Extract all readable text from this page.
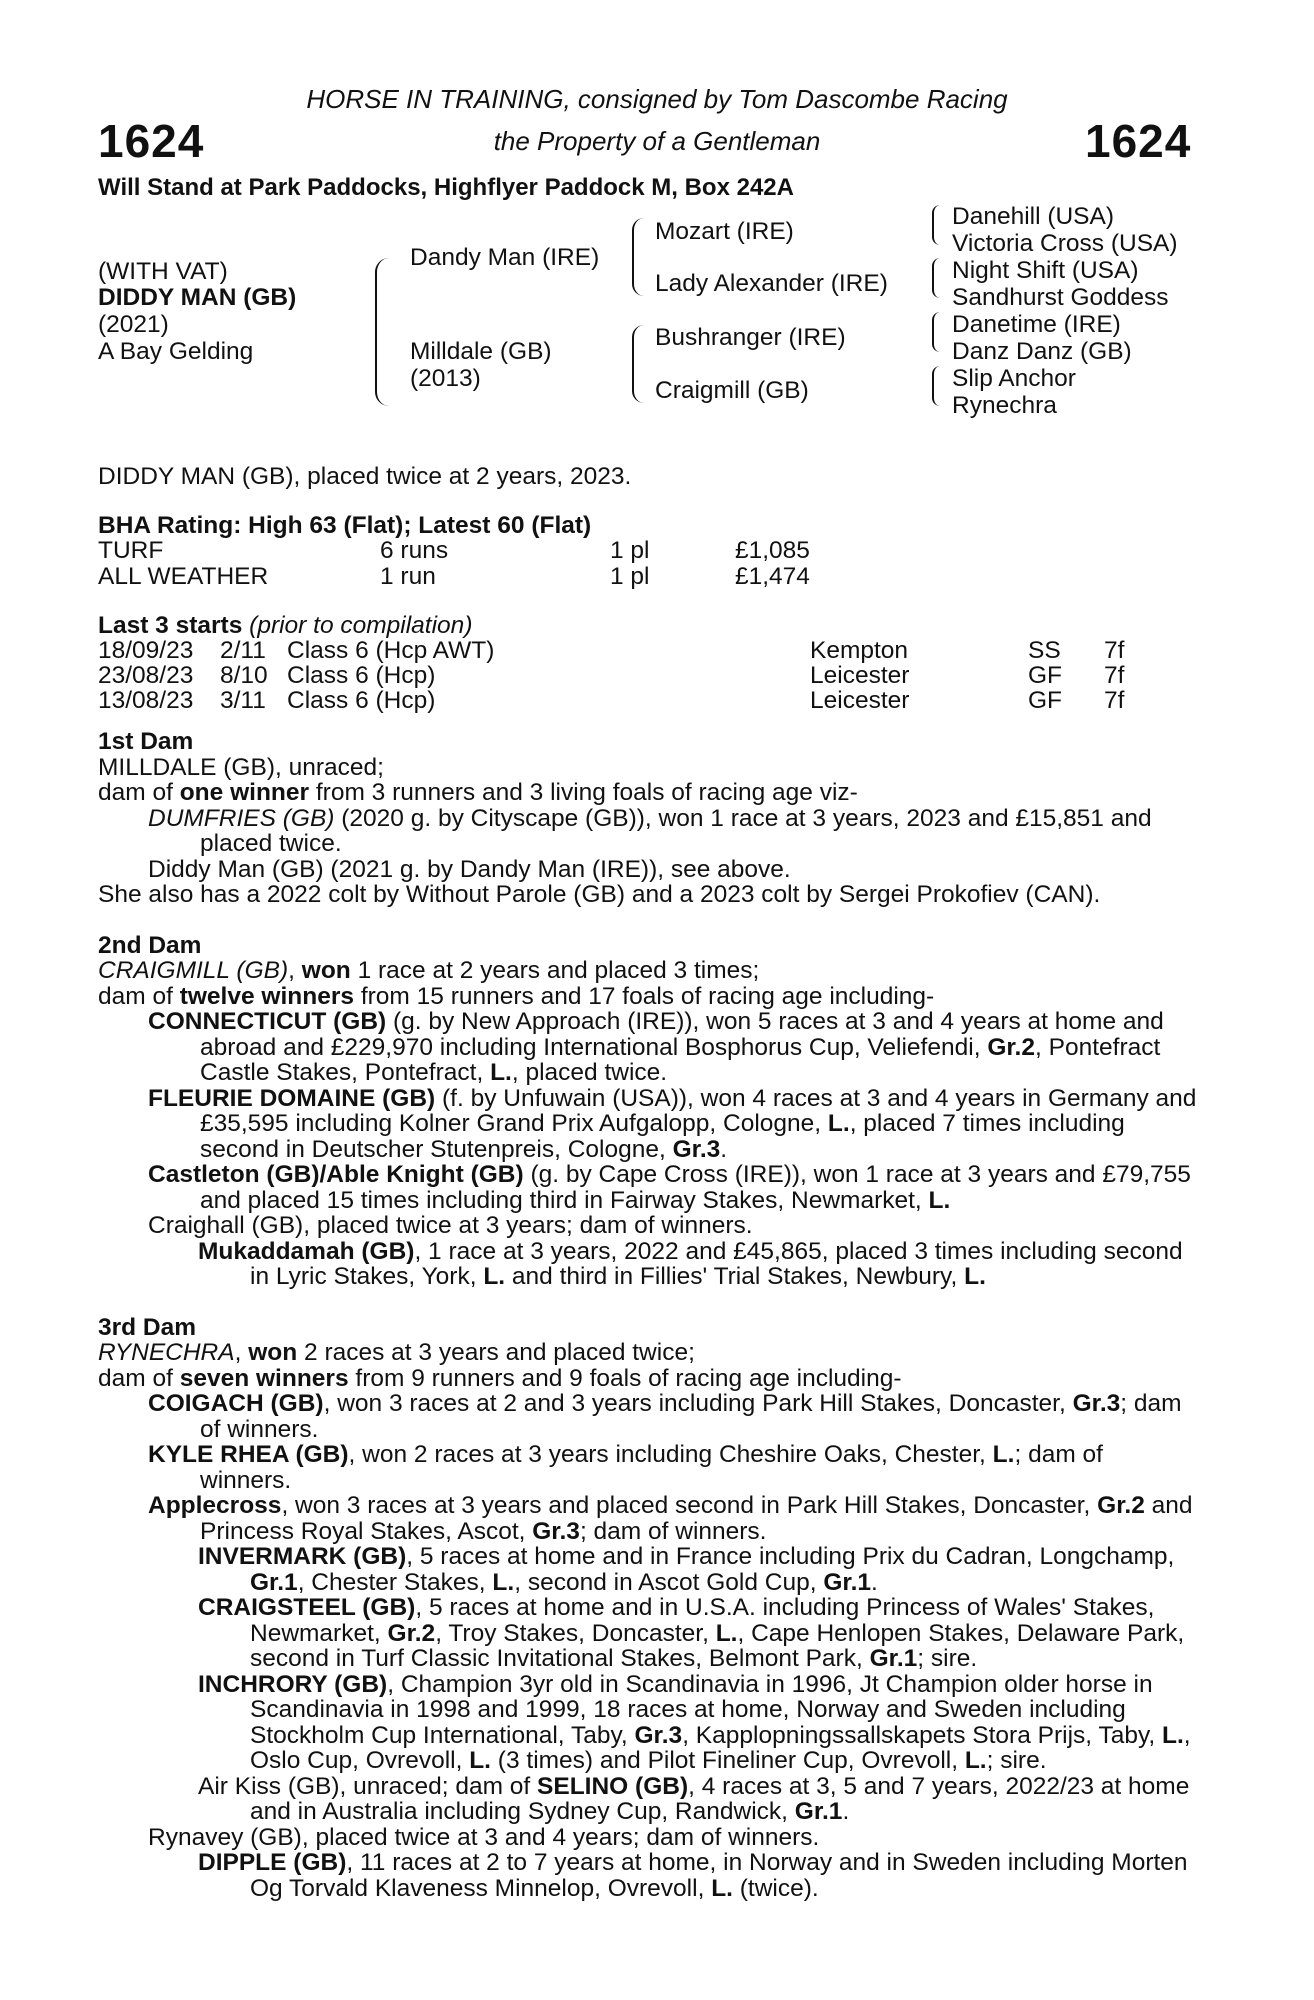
1624	1624
HORSE IN TRAINING, consigned by Tom Dascombe Racing
the Property of a Gentleman
Will Stand at Park Paddocks, Highflyer Paddock M, Box 242A
(WITH VAT)
DIDDY MAN (GB)
(2021)
A Bay Gelding
Dandy Man (IRE)
Milldale (GB)
(2013)
Mozart (IRE)
Lady Alexander (IRE)
Bushranger (IRE)
Craigmill (GB)
Danehill (USA)
Victoria Cross (USA)
Night Shift (USA)
Sandhurst Goddess
Danetime (IRE)
Danz Danz (GB)
Slip Anchor
Rynechra
DIDDY MAN (GB), placed twice at 2 years, 2023.
BHA Rating: High 63 (Flat); Latest 60 (Flat)
TURF	6 runs	1 pl	£1,085
ALL WEATHER	1 run	1 pl	£1,474
Last 3 starts (prior to compilation)
18/09/23 2/11 Class 6 (Hcp AWT)	Kempton	SS 7f
23/08/23 8/10 Class 6 (Hcp)	Leicester	GF 7f
13/08/23 3/11 Class 6 (Hcp)	Leicester	GF 7f

1st Dam

MILLDALE (GB), unraced;

dam of one winner from 3 runners and 3 living foals of racing age viz-

DUMFRIES (GB) (2020 g. by Cityscape (GB)), won 1 race at 3 years, 2023 and £15,851 and placed twice.

Diddy Man (GB) (2021 g. by Dandy Man (IRE)), see above.

She also has a 2022 colt by Without Parole (GB) and a 2023 colt by Sergei Prokofiev (CAN).

2nd Dam

CRAIGMILL (GB), won 1 race at 2 years and placed 3 times;

dam of twelve winners from 15 runners and 17 foals of racing age including-

CONNECTICUT (GB) (g. by New Approach (IRE)), won 5 races at 3 and 4 years at home and abroad and £229,970 including International Bosphorus Cup, Veliefendi, Gr.2, Pontefract Castle Stakes, Pontefract, L., placed twice.

FLEURIE DOMAINE (GB) (f. by Unfuwain (USA)), won 4 races at 3 and 4 years in Germany and £35,595 including Kolner Grand Prix Aufgalopp, Cologne, L., placed 7 times including second in Deutscher Stutenpreis, Cologne, Gr.3.

Castleton (GB)/Able Knight (GB) (g. by Cape Cross (IRE)), won 1 race at 3 years and £79,755 and placed 15 times including third in Fairway Stakes, Newmarket, L.

Craighall (GB), placed twice at 3 years; dam of winners.

Mukaddamah (GB), 1 race at 3 years, 2022 and £45,865, placed 3 times including second in Lyric Stakes, York, L. and third in Fillies' Trial Stakes, Newbury, L.

3rd Dam

RYNECHRA, won 2 races at 3 years and placed twice;

dam of seven winners from 9 runners and 9 foals of racing age including-

COIGACH (GB), won 3 races at 2 and 3 years including Park Hill Stakes, Doncaster, Gr.3; dam of winners.

KYLE RHEA (GB), won 2 races at 3 years including Cheshire Oaks, Chester, L.; dam of winners.

Applecross, won 3 races at 3 years and placed second in Park Hill Stakes, Doncaster, Gr.2 and Princess Royal Stakes, Ascot, Gr.3; dam of winners.

INVERMARK (GB), 5 races at home and in France including Prix du Cadran, Longchamp, Gr.1, Chester Stakes, L., second in Ascot Gold Cup, Gr.1.

CRAIGSTEEL (GB), 5 races at home and in U.S.A. including Princess of Wales' Stakes, Newmarket, Gr.2, Troy Stakes, Doncaster, L., Cape Henlopen Stakes, Delaware Park, second in Turf Classic Invitational Stakes, Belmont Park, Gr.1; sire.

INCHRORY (GB), Champion 3yr old in Scandinavia in 1996, Jt Champion older horse in Scandinavia in 1998 and 1999, 18 races at home, Norway and Sweden including Stockholm Cup International, Taby, Gr.3, Kapplopningssallskapets Stora Prijs, Taby, L., Oslo Cup, Ovrevoll, L. (3 times) and Pilot Fineliner Cup, Ovrevoll, L.; sire.

Air Kiss (GB), unraced; dam of SELINO (GB), 4 races at 3, 5 and 7 years, 2022/23 at home and in Australia including Sydney Cup, Randwick, Gr.1.

Rynavey (GB), placed twice at 3 and 4 years; dam of winners.

DIPPLE (GB), 11 races at 2 to 7 years at home, in Norway and in Sweden including Morten Og Torvald Klaveness Minnelop, Ovrevoll, L. (twice).
